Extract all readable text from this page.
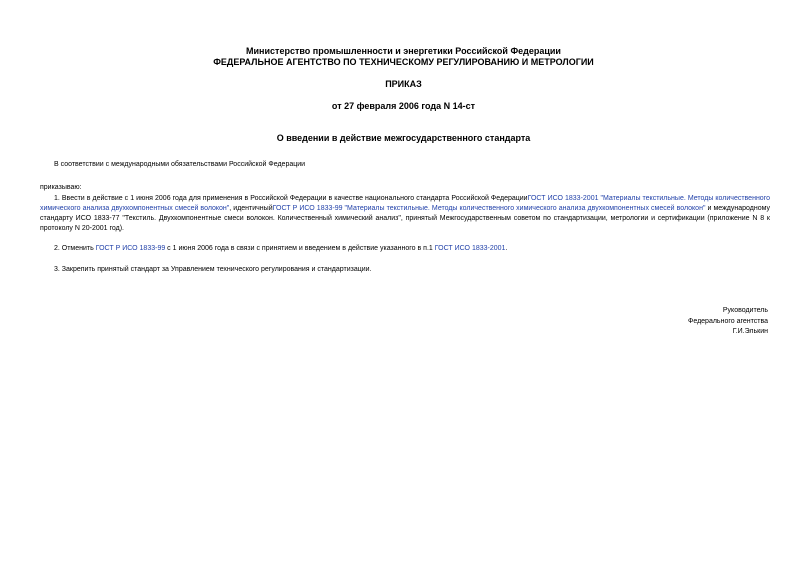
Министерство промышленности и энергетики Российской Федерации
ФЕДЕРАЛЬНОЕ АГЕНТСТВО ПО ТЕХНИЧЕСКОМУ РЕГУЛИРОВАНИЮ И МЕТРОЛОГИИ
ПРИКАЗ
от 27 февраля 2006 года N 14-ст
О введении в действие межгосударственного стандарта
В соответствии с международными обязательствами Российской Федерации
приказываю:
1. Ввести в действие с 1 июня 2006 года для применения в Российской Федерации в качестве национального стандарта Российской ФедерацииГОСТ ИСО 1833-2001 "Материалы текстильные. Методы количественного химического анализа двухкомпонентных смесей волокон", идентичныйГОСТ Р ИСО 1833-99 "Материалы текстильные. Методы количественного химического анализа двухкомпонентных смесей волокон" и международному стандарту ИСО 1833-77 "Текстиль. Двухкомпонентные смеси волокон. Количественный химический анализ", принятый Межгосударственным советом по стандартизации, метрологии и сертификации (приложение N 8 к протоколу N 20-2001 год).
2. Отменить ГОСТ Р ИСО 1833-99 с 1 июня 2006 года в связи с принятием и введением в действие указанного в п.1 ГОСТ ИСО 1833-2001.
3. Закрепить принятый стандарт за Управлением технического регулирования и стандартизации.
Руководитель
Федерального агентства
Г.И.Элькин
